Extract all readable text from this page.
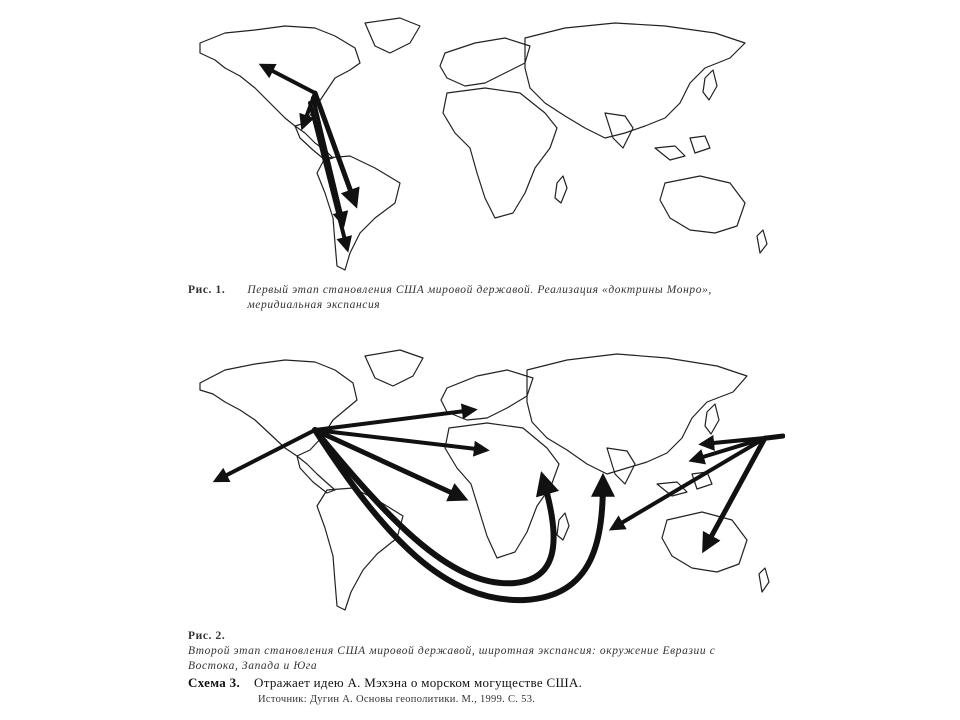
Рис. 1. Первый этап становления США мировой державой. Реализация «доктрины Монро», меридиальная экспансия
Рис. 2.Второй этап становления США мировой державой, широтная экспансия: окружение Евразии с Востока, Запада и Юга
Схема 3. Отражает идею А. Мэхэна о морском могуществе США.
Источник: Дугин А. Основы геополитики. М., 1999. С. 53.
